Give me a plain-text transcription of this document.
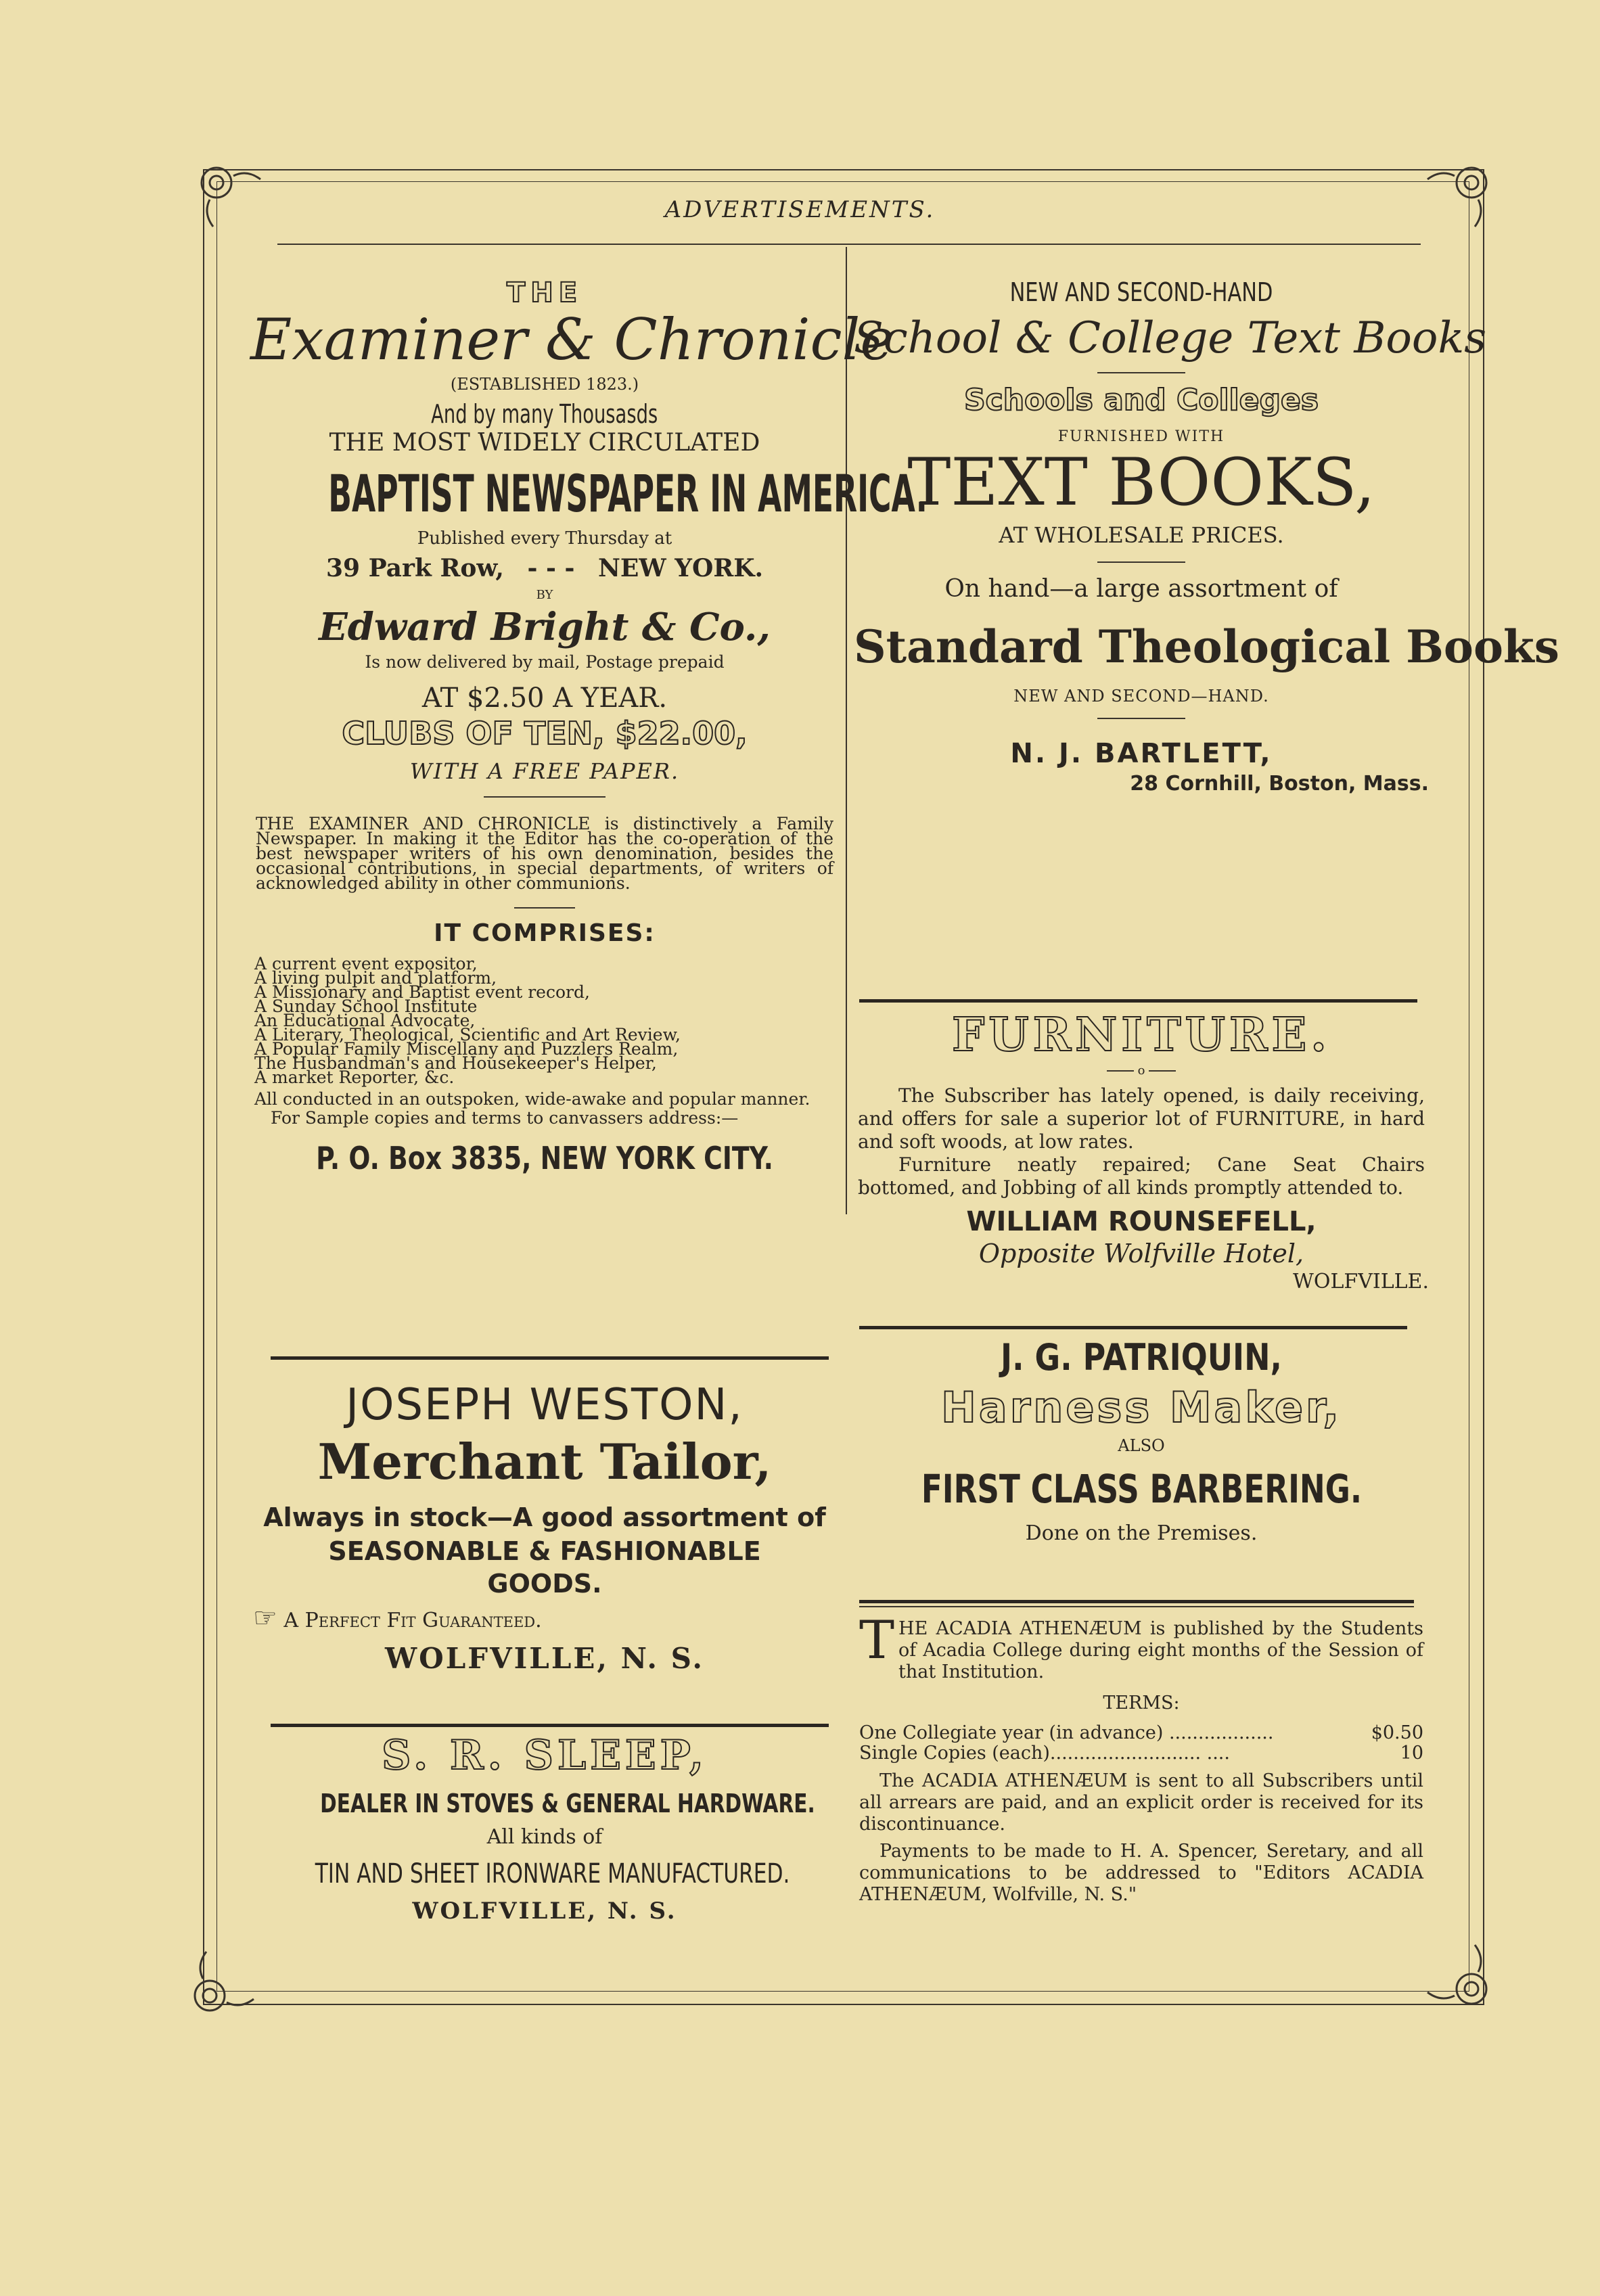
ADVERTISEMENTS.
THE
Examiner & Chronicle
(ESTABLISHED 1823.)
And by many Thousasds
THE MOST WIDELY CIRCULATED
BAPTIST NEWSPAPER IN AMERICA.
Published every Thursday at
39 Park Row, - - - NEW YORK.
BY
Edward Bright & Co.,
Is now delivered by mail, Postage prepaid
AT $2.50 A YEAR.
CLUBS OF TEN, $22.00,
WITH A FREE PAPER.
THE EXAMINER AND CHRONICLE is distinctively a Family Newspaper. In making it the Editor has the co-operation of the best newspaper writers of his own denomination, besides the occasional contributions, in special departments, of writers of acknowledged ability in other communions.
IT COMPRISES:
A current event expositor,
A living pulpit and platform,
A Missionary and Baptist event record,
A Sunday School Institute
An Educational Advocate,
A Literary, Theological, Scientific and Art Review,
A Popular Family Miscellany and Puzzlers Realm,
The Husbandman's and Housekeeper's Helper,
A market Reporter, &c.
All conducted in an outspoken, wide-awake and popular manner.
For Sample copies and terms to canvassers address:—
P. O. Box 3835, NEW YORK CITY.
JOSEPH WESTON,
Merchant Tailor,
Always in stock—A good assortment of
SEASONABLE & FASHIONABLE
GOODS.
☞ A Perfect Fit Guaranteed.
WOLFVILLE, N. S.
S. R. SLEEP,
DEALER IN STOVES & GENERAL HARDWARE.
All kinds of
TIN AND SHEET IRONWARE MANUFACTURED.
WOLFVILLE, N. S.
NEW AND SECOND-HAND
School & College Text Books
Schools and Colleges
FURNISHED WITH
TEXT BOOKS,
AT WHOLESALE PRICES.
On hand—a large assortment of
Standard Theological Books
NEW AND SECOND—HAND.
N. J. BARTLETT,
28 Cornhill, Boston, Mass.
FURNITURE.
o
The Subscriber has lately opened, is daily receiving, and offers for sale a superior lot of FURNITURE, in hard and soft woods, at low rates.
Furniture neatly repaired; Cane Seat Chairs bottomed, and Jobbing of all kinds promptly attended to.
WILLIAM ROUNSEFELL,
Opposite Wolfville Hotel,
WOLFVILLE.
J. G. PATRIQUIN,
Harness Maker,
ALSO
FIRST CLASS BARBERING.
Done on the Premises.
THE ACADIA ATHENÆUM is published by the Students of Acadia College during eight months of the Session of that Institution.
TERMS:
One Collegiate year (in advance) ..................	$0.50
Single Copies (each).......................... ....	10
The ACADIA ATHENÆUM is sent to all Subscribers until all arrears are paid, and an explicit order is received for its discontinuance.
Payments to be made to H. A. Spencer, Seretary, and all communications to be addressed to "Editors ACADIA ATHENÆUM, Wolfville, N. S."
